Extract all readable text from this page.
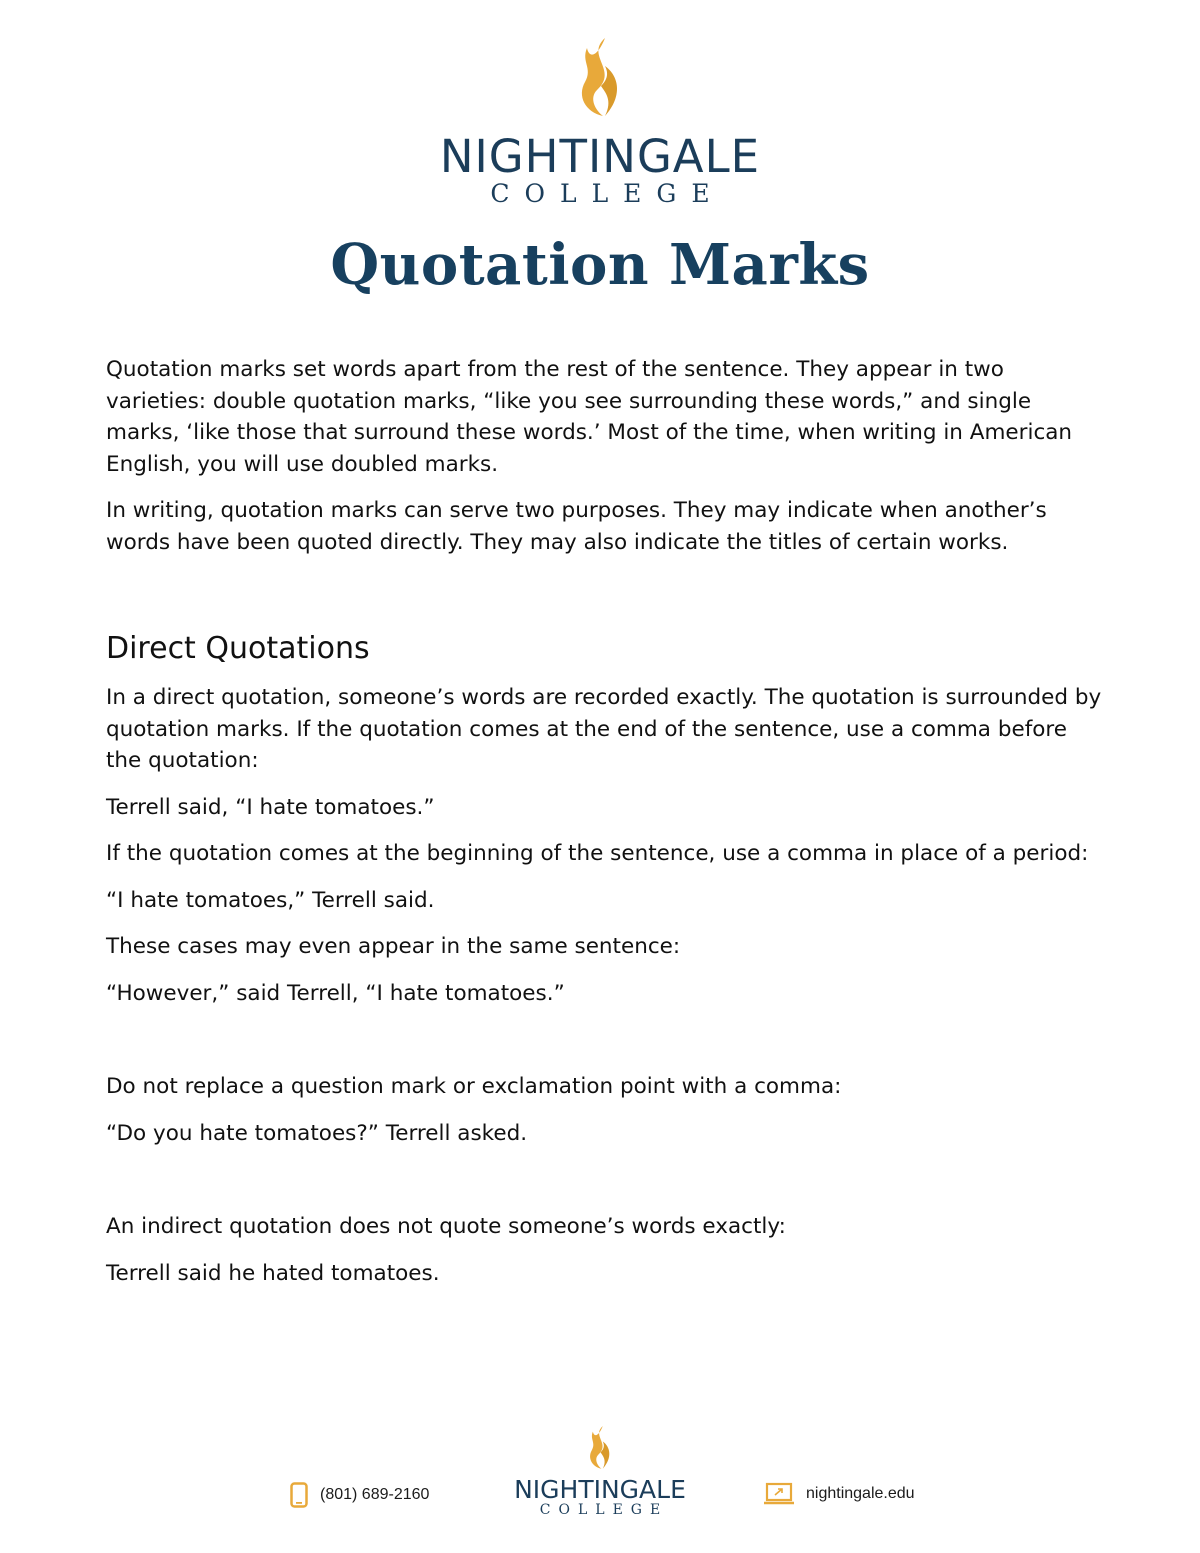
NIGHTINGALE
COLLEGE
Quotation Marks

Quotation marks set words apart from the rest of the sentence. They appear in two varieties: double quotation marks, “like you see surrounding these words,” and single marks, ‘like those that surround these words.’ Most of the time, when writing in American English, you will use doubled marks.

In writing, quotation marks can serve two purposes. They may indicate when another’s words have been quoted directly. They may also indicate the titles of certain works.

Direct Quotations

In a direct quotation, someone’s words are recorded exactly. The quotation is surrounded by quotation marks. If the quotation comes at the end of the sentence, use a comma before the quotation:

Terrell said, “I hate tomatoes.”

If the quotation comes at the beginning of the sentence, use a comma in place of a period:

“I hate tomatoes,” Terrell said.

These cases may even appear in the same sentence:

“However,” said Terrell, “I hate tomatoes.”

Do not replace a question mark or exclamation point with a comma:

“Do you hate tomatoes?” Terrell asked.

An indirect quotation does not quote someone’s words exactly:

Terrell said he hated tomatoes.

(801) 689-2160	NIGHTINGALE
COLLEGE
nightingale.edu
